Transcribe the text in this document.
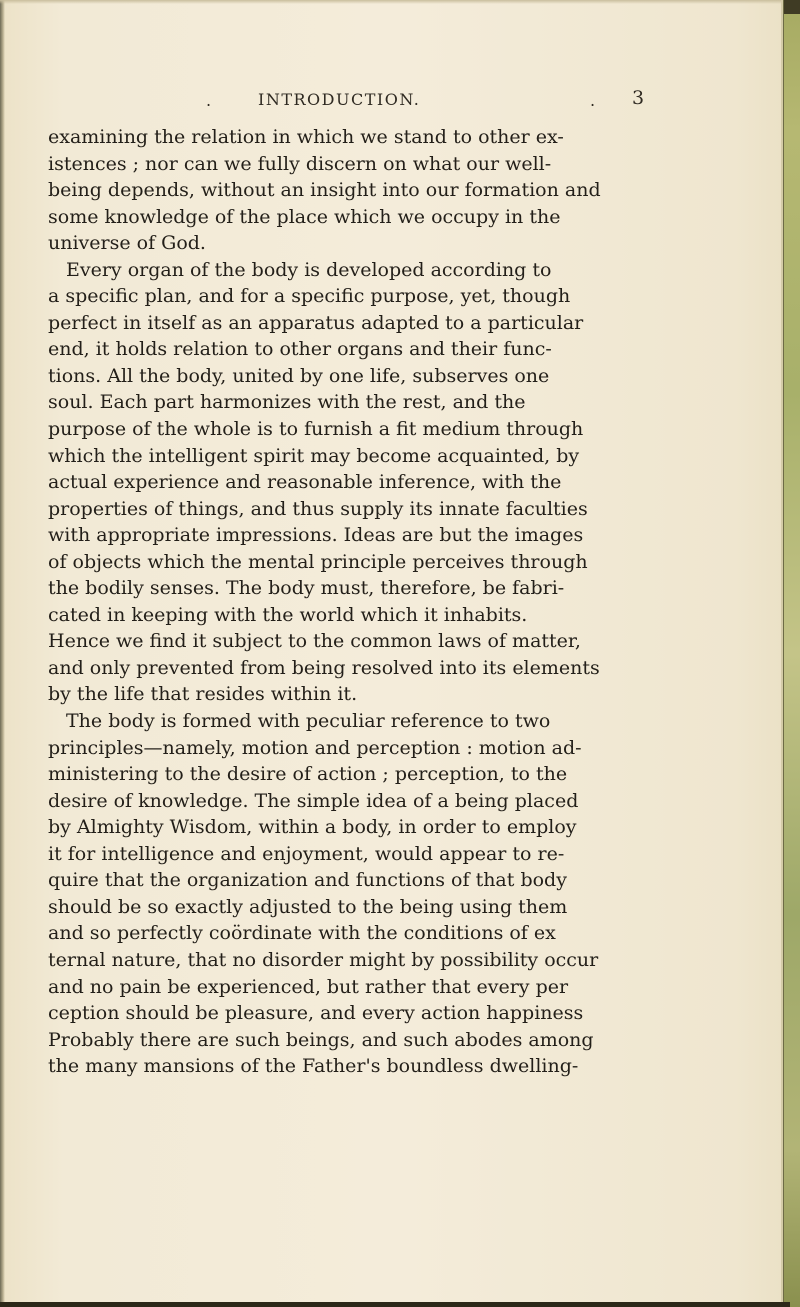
.	INTRODUCTION.	. 3
examining the relation in which we stand to other ex-
istences ; nor can we fully discern on what our well-
being depends, without an insight into our formation and
some knowledge of the place which we occupy in the
universe of God.
Every organ of the body is developed according to
a specific plan, and for a specific purpose, yet, though
perfect in itself as an apparatus adapted to a particular
end, it holds relation to other organs and their func-
tions. All the body, united by one life, subserves one
soul. Each part harmonizes with the rest, and the
purpose of the whole is to furnish a fit medium through
which the intelligent spirit may become acquainted, by
actual experience and reasonable inference, with the
properties of things, and thus supply its innate faculties
with appropriate impressions. Ideas are but the images
of objects which the mental principle perceives through
the bodily senses. The body must, therefore, be fabri-
cated in keeping with the world which it inhabits.
Hence we find it subject to the common laws of matter,
and only prevented from being resolved into its elements
by the life that resides within it.
The body is formed with peculiar reference to two
principles—namely, motion and perception : motion ad-
ministering to the desire of action ; perception, to the
desire of knowledge. The simple idea of a being placed
by Almighty Wisdom, within a body, in order to employ
it for intelligence and enjoyment, would appear to re-
quire that the organization and functions of that body
should be so exactly adjusted to the being using them
and so perfectly coördinate with the conditions of ex
ternal nature, that no disorder might by possibility occur
and no pain be experienced, but rather that every per
ception should be pleasure, and every action happiness
Probably there are such beings, and such abodes among
the many mansions of the Father's boundless dwelling-
